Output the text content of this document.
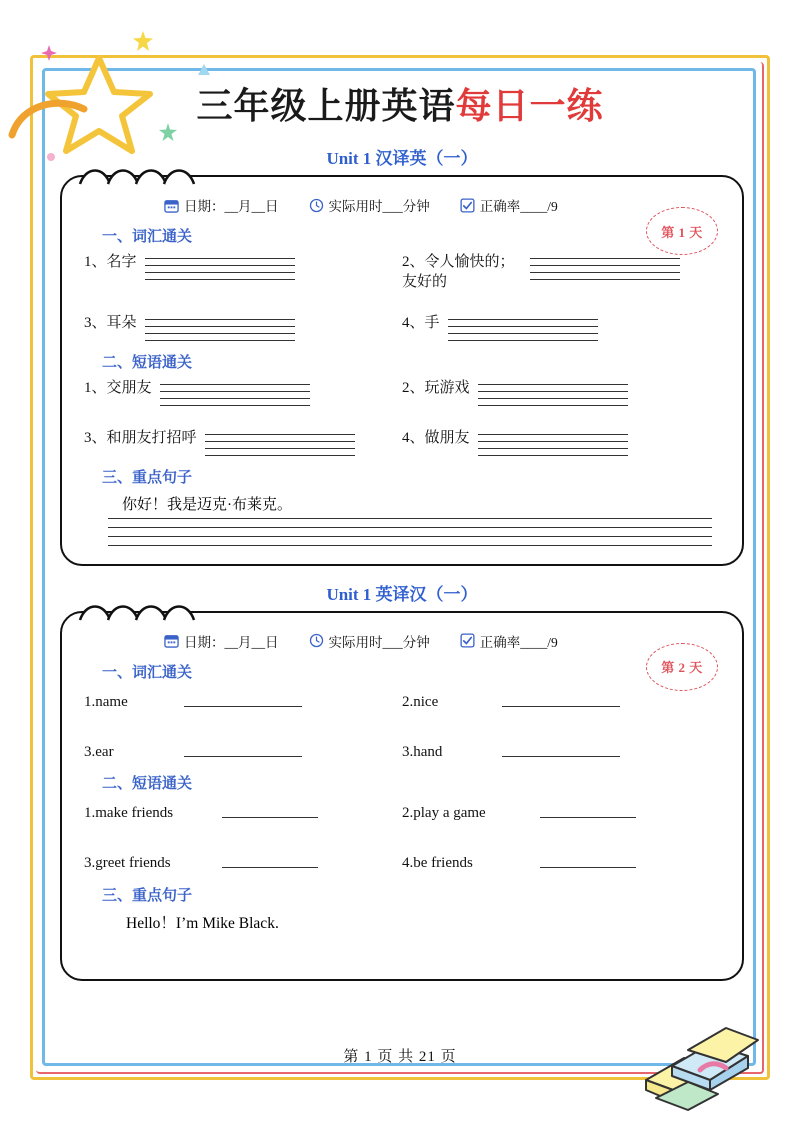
三年级上册英语每日一练
Unit 1 汉译英（一）
第 1 天
日期：__月__日	实际用时___分钟	正确率____/9
一、词汇通关
1、名字	2、令人愉快的；友好的
3、耳朵	4、手
二、短语通关
1、交朋友	2、玩游戏
3、和朋友打招呼	4、做朋友
三、重点句子
你好！我是迈克·布莱克。
Unit 1 英译汉（一）
第 2 天
日期：__月__日	实际用时___分钟	正确率____/9
一、词汇通关
1.name	2.nice
3.ear	3.hand
二、短语通关
1.make friends	2.play a game
3.greet friends	4.be friends
三、重点句子
Hello！I’m Mike Black.
第 1 页 共 21 页
